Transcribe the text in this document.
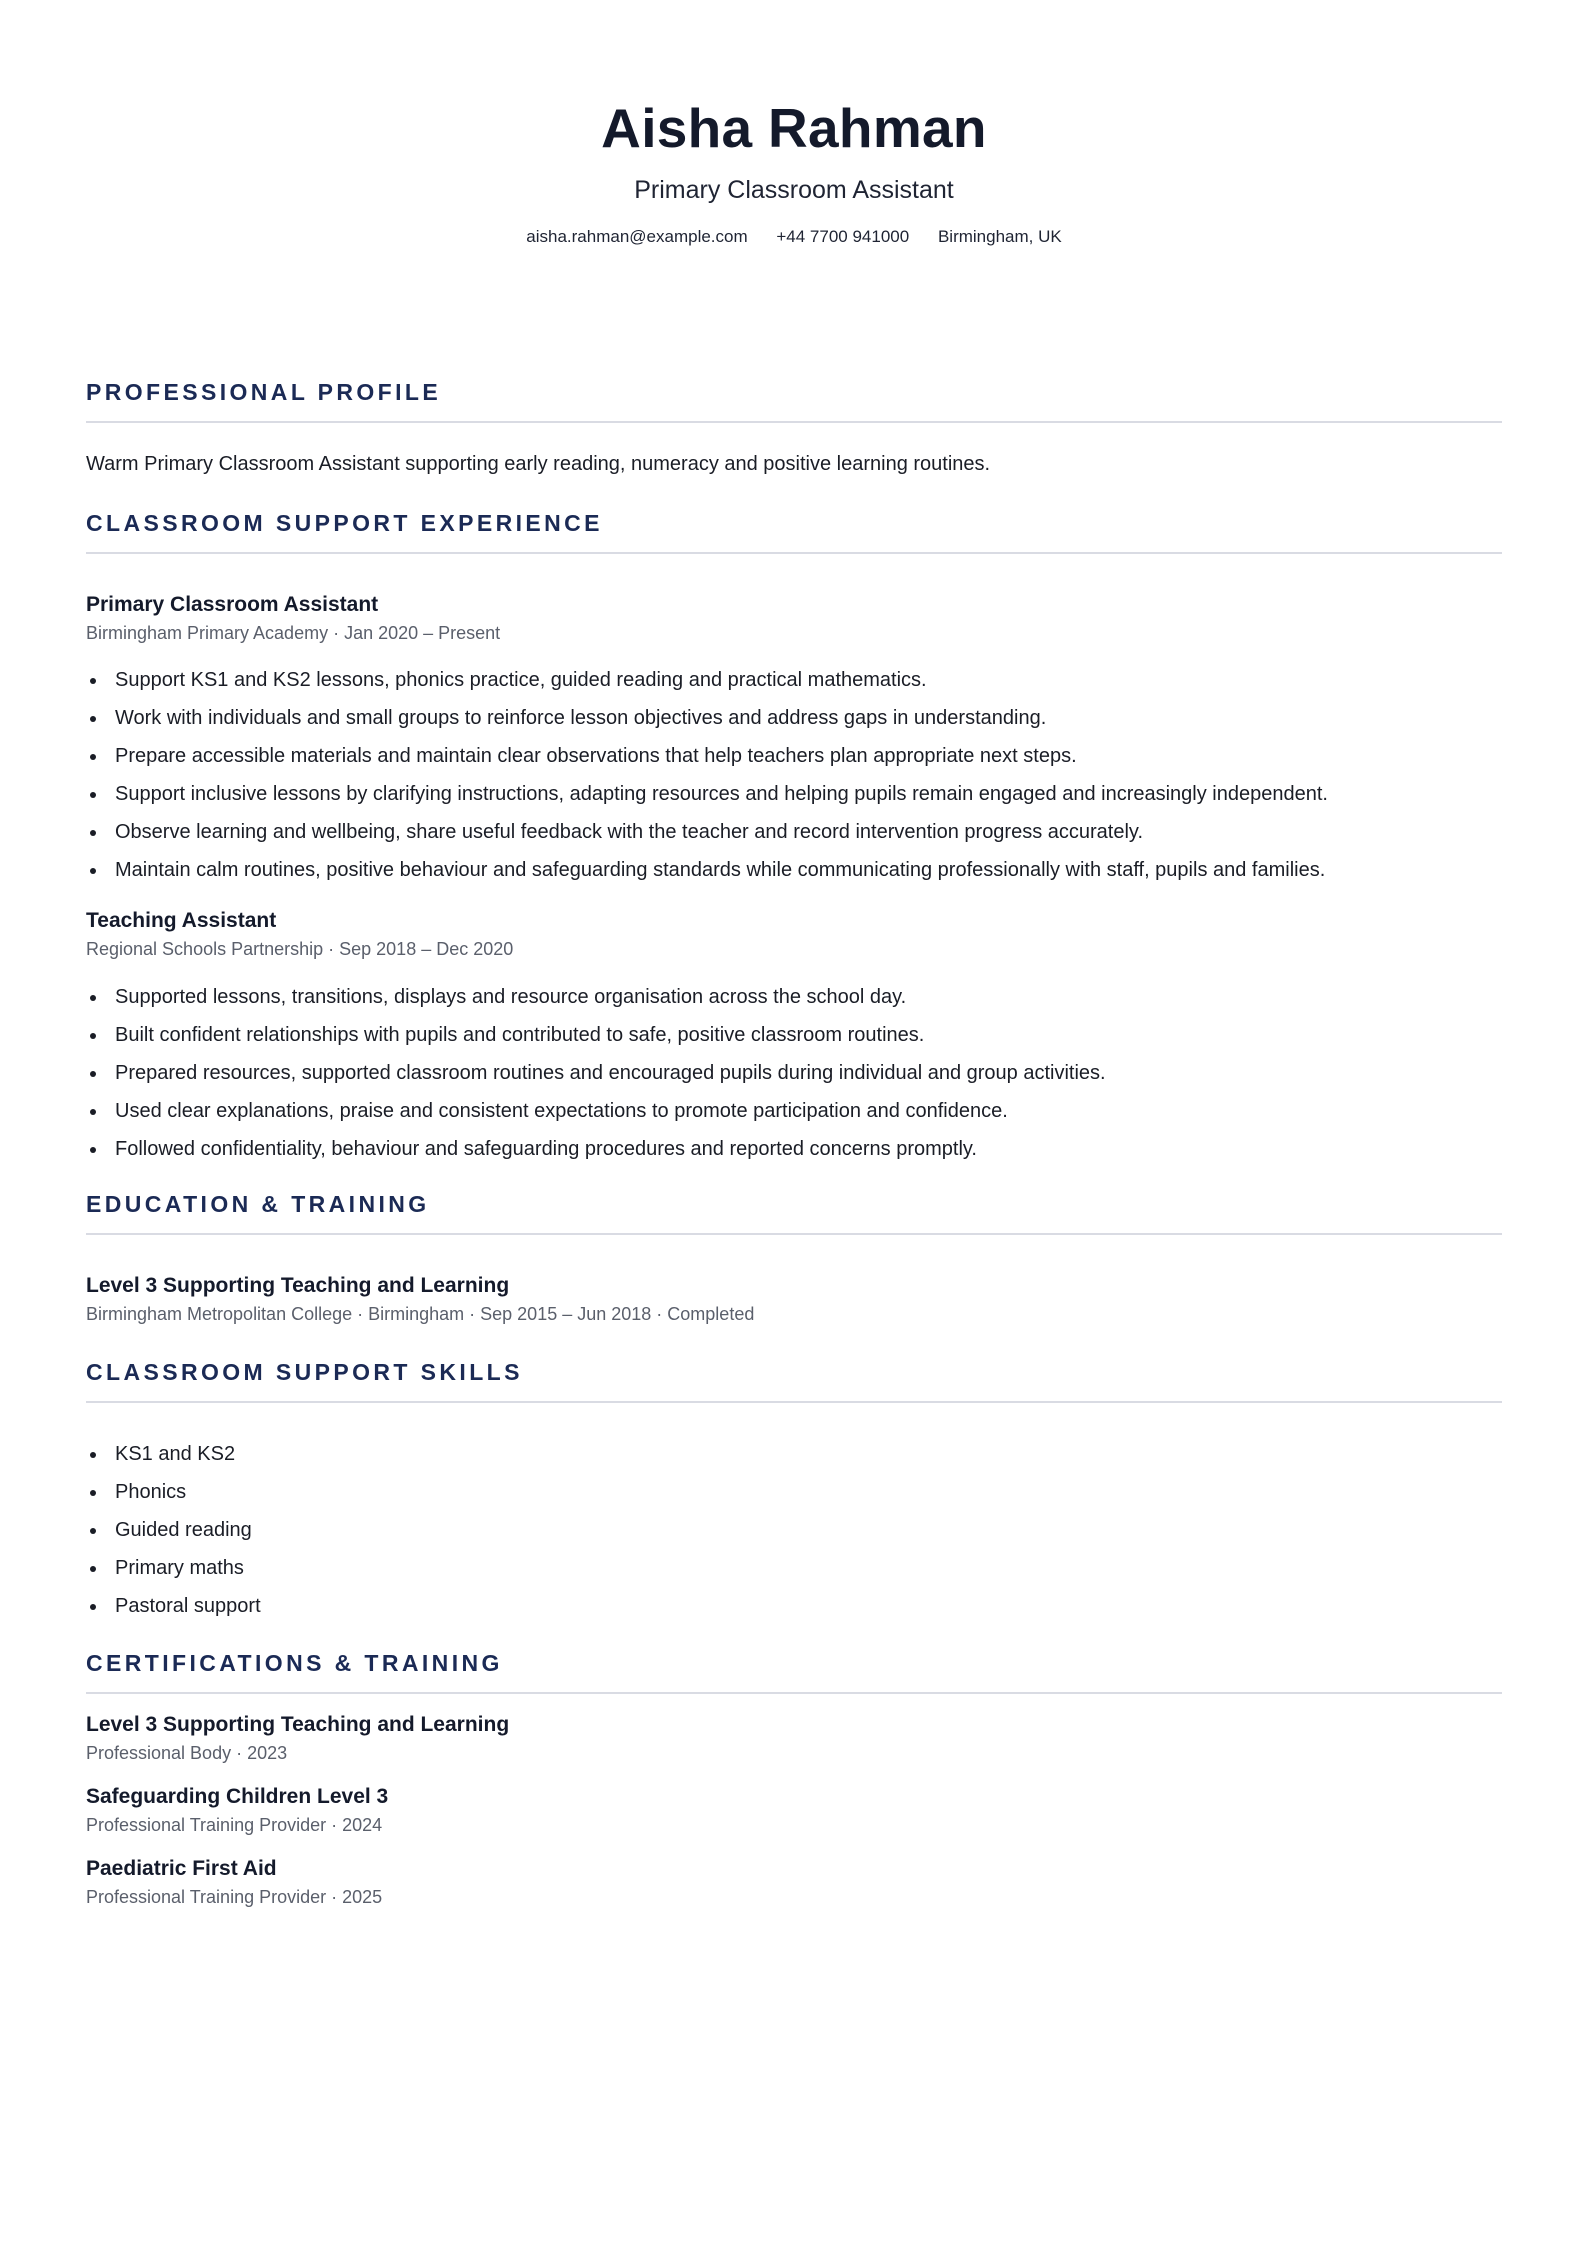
Aisha Rahman
Primary Classroom Assistant
aisha.rahman@example.com +44 7700 941000 Birmingham, UK
PROFESSIONAL PROFILE
Warm Primary Classroom Assistant supporting early reading, numeracy and positive learning routines.
CLASSROOM SUPPORT EXPERIENCE
Primary Classroom Assistant
Birmingham Primary Academy · Jan 2020 – Present
Support KS1 and KS2 lessons, phonics practice, guided reading and practical mathematics.
Work with individuals and small groups to reinforce lesson objectives and address gaps in understanding.
Prepare accessible materials and maintain clear observations that help teachers plan appropriate next steps.
Support inclusive lessons by clarifying instructions, adapting resources and helping pupils remain engaged and increasingly independent.
Observe learning and wellbeing, share useful feedback with the teacher and record intervention progress accurately.
Maintain calm routines, positive behaviour and safeguarding standards while communicating professionally with staff, pupils and families.
Teaching Assistant
Regional Schools Partnership · Sep 2018 – Dec 2020
Supported lessons, transitions, displays and resource organisation across the school day.
Built confident relationships with pupils and contributed to safe, positive classroom routines.
Prepared resources, supported classroom routines and encouraged pupils during individual and group activities.
Used clear explanations, praise and consistent expectations to promote participation and confidence.
Followed confidentiality, behaviour and safeguarding procedures and reported concerns promptly.
EDUCATION & TRAINING
Level 3 Supporting Teaching and Learning
Birmingham Metropolitan College · Birmingham · Sep 2015 – Jun 2018 · Completed
CLASSROOM SUPPORT SKILLS
KS1 and KS2
Phonics
Guided reading
Primary maths
Pastoral support
CERTIFICATIONS & TRAINING
Level 3 Supporting Teaching and Learning
Professional Body · 2023
Safeguarding Children Level 3
Professional Training Provider · 2024
Paediatric First Aid
Professional Training Provider · 2025
